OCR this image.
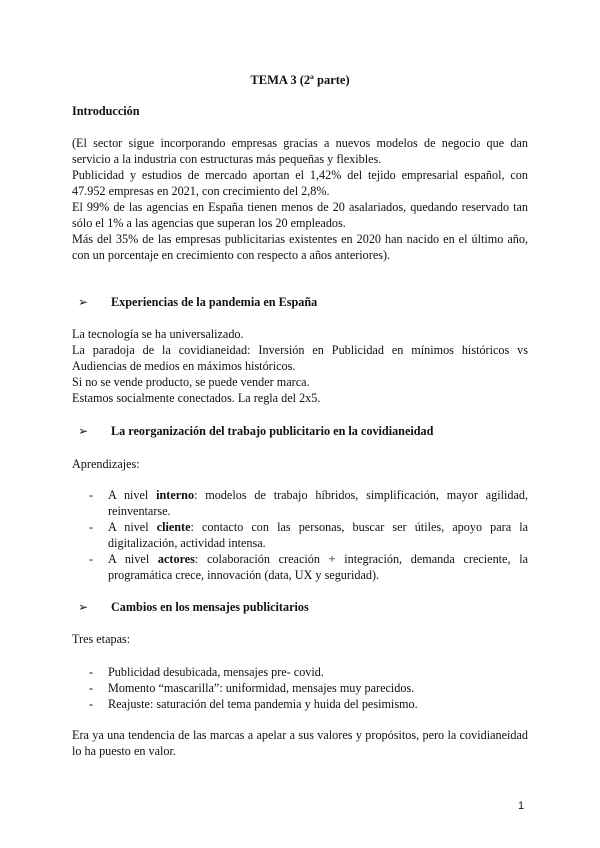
TEMA 3 (2ª parte)
Introducción

(El sector sigue incorporando empresas gracias a nuevos modelos de negocio que dan servicio a la industria con estructuras más pequeñas y flexibles.

Publicidad y estudios de mercado aportan el 1,42% del tejido empresarial español, con 47.952 empresas en 2021, con crecimiento del 2,8%.

El 99% de las agencias en España tienen menos de 20 asalariados, quedando reservado tan sólo el 1% a las agencias que superan los 20 empleados.

Más del 35% de las empresas publicitarias existentes en 2020 han nacido en el último año, con un porcentaje en crecimiento con respecto a años anteriores).

➢ Experiencias de la pandemia en España

La tecnología se ha universalizado.

La paradoja de la covidianeidad: Inversión en Publicidad en mínimos históricos vs Audiencias de medios en máximos históricos.

Si no se vende producto, se puede vender marca.

Estamos socialmente conectados. La regla del 2x5.

➢ La reorganización del trabajo publicitario en la covidianeidad
Aprendizajes:
- A nivel interno: modelos de trabajo híbridos, simplificación, mayor agilidad, reinventarse.
- A nivel cliente: contacto con las personas, buscar ser útiles, apoyo para la digitalización, actividad intensa.
- A nivel actores: colaboración creación + integración, demanda creciente, la programática crece, innovación (data, UX y seguridad).
➢ Cambios en los mensajes publicitarios
Tres etapas:
- Publicidad desubicada, mensajes pre- covid.
- Momento “mascarilla”: uniformidad, mensajes muy parecidos.
- Reajuste: saturación del tema pandemia y huida del pesimismo.
Era ya una tendencia de las marcas a apelar a sus valores y propósitos, pero la covidianeidad lo ha puesto en valor.
1
